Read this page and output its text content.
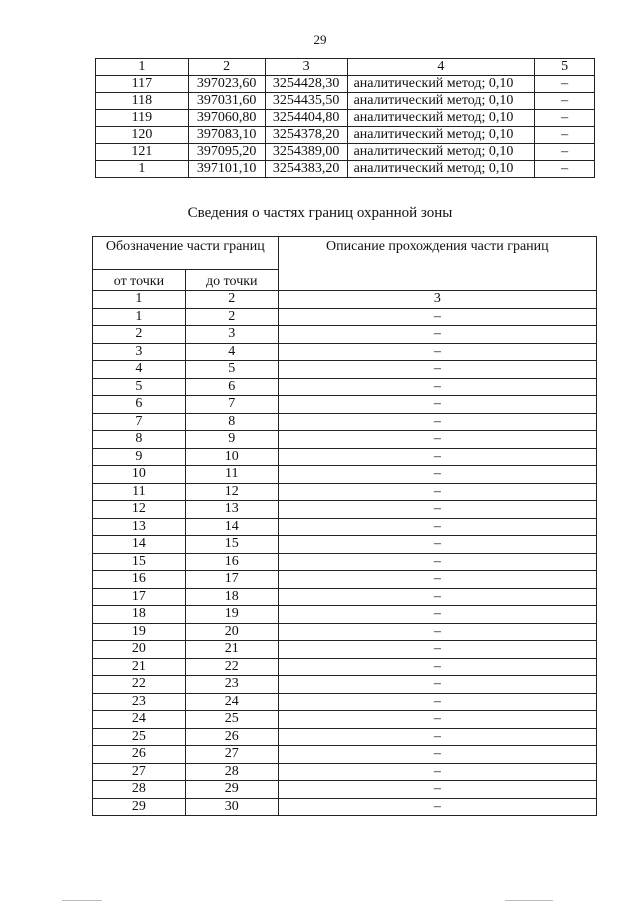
29
1	2	3	4	5
117	397023,60	3254428,30	аналитический метод; 0,10	–
118	397031,60	3254435,50	аналитический метод; 0,10	–
119	397060,80	3254404,80	аналитический метод; 0,10	–
120	397083,10	3254378,20	аналитический метод; 0,10	–
121	397095,20	3254389,00	аналитический метод; 0,10	–
1	397101,10	3254383,20	аналитический метод; 0,10	–
Сведения о частях границ охранной зоны
Обозначение части границ		Описание прохождения части границ
от точки	до точки	
1	2	3
1	2	–
2	3	–
3	4	–
4	5	–
5	6	–
6	7	–
7	8	–
8	9	–
9	10	–
10	11	–
11	12	–
12	13	–
13	14	–
14	15	–
15	16	–
16	17	–
17	18	–
18	19	–
19	20	–
20	21	–
21	22	–
22	23	–
23	24	–
24	25	–
25	26	–
26	27	–
27	28	–
28	29	–
29	30	–
